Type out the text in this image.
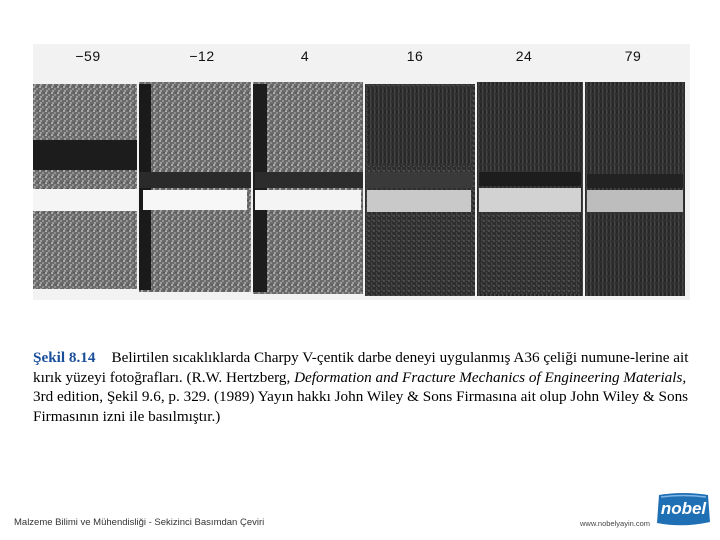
−59	−12	4	16	24	79
Şekil 8.14 Belirtilen sıcaklıklarda Charpy V-çentik darbe deneyi uygulanmış A36 çeliği numune-lerine ait kırık yüzeyi fotoğrafları. (R.W. Hertzberg, Deformation and Fracture Mechanics of Engineering Materials, 3rd edition, Şekil 9.6, p. 329. (1989) Yayın hakkı John Wiley & Sons Firmasına ait olup John Wiley & Sons Firmasının izni ile basılmıştır.)
Malzeme Bilimi ve Mühendisliği - Sekizinci Basımdan Çeviri	www.nobelyayin.com
nobel
